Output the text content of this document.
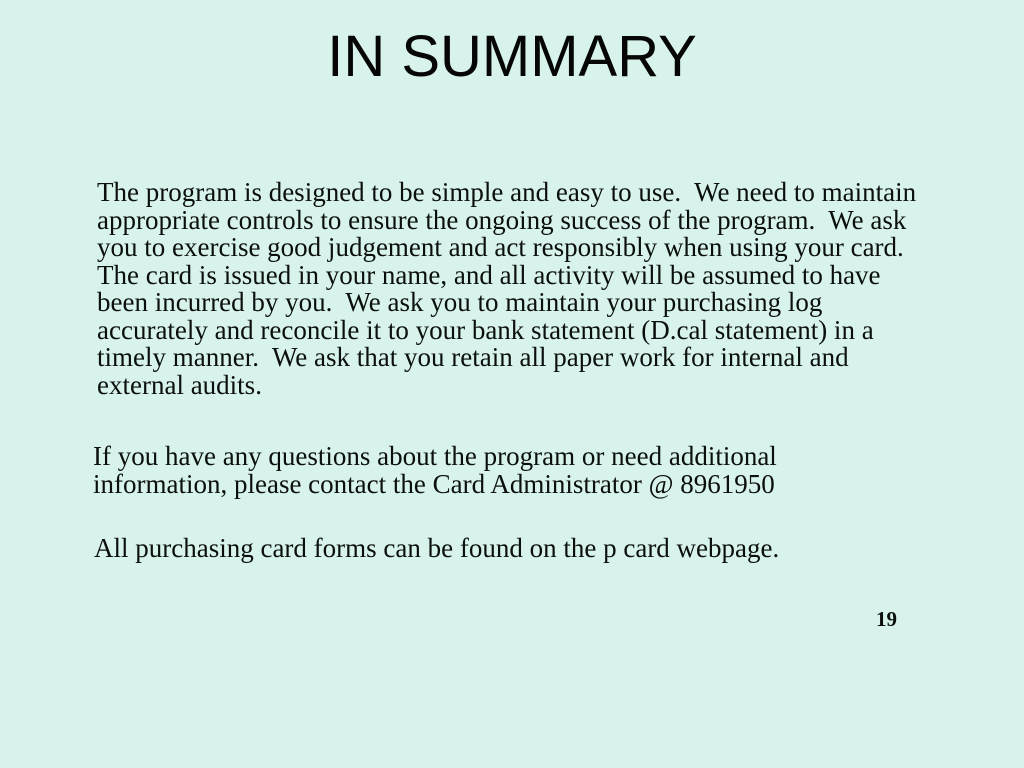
IN SUMMARY
The program is designed to be simple and easy to use.  We need to maintain
appropriate controls to ensure the ongoing success of the program.  We ask
you to exercise good judgement and act responsibly when using your card.
The card is issued in your name, and all activity will be assumed to have
been incurred by you.  We ask you to maintain your purchasing log
accurately and reconcile it to your bank statement (D.cal statement) in a
timely manner.  We ask that you retain all paper work for internal and
external audits.
If you have any questions about the program or need additional
information, please contact the Card Administrator @ 8961950
All purchasing card forms can be found on the p card webpage.
19
